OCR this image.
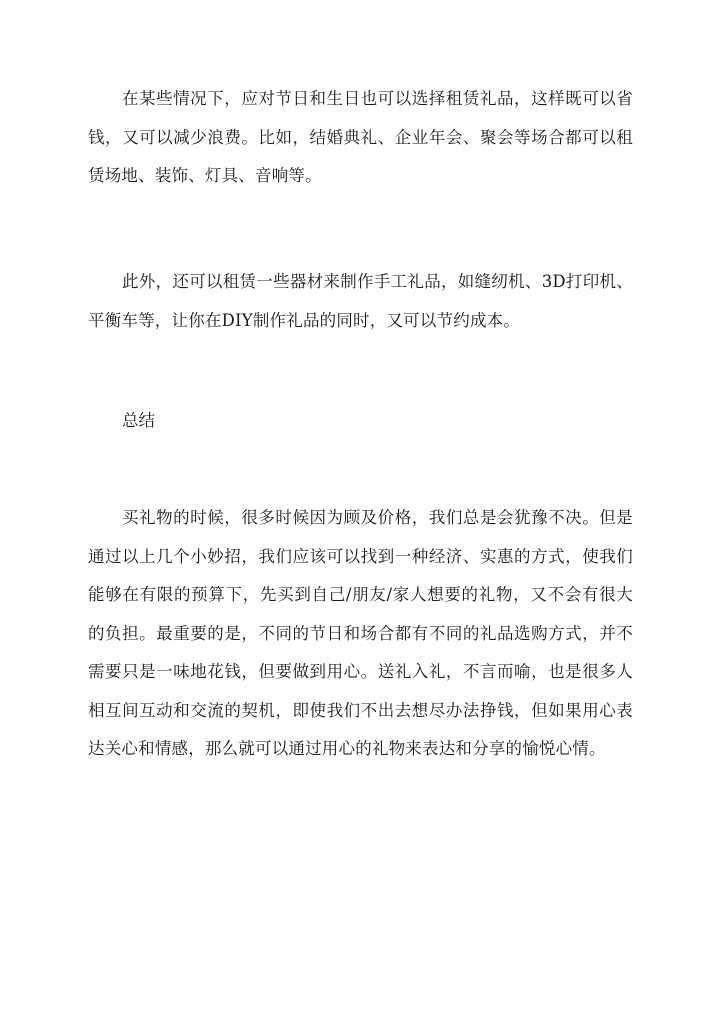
在某些情况下，应对节日和生日也可以选择租赁礼品，这样既可以省钱，又可以减少浪费。比如，结婚典礼、企业年会、聚会等场合都可以租赁场地、装饰、灯具、音响等。

此外，还可以租赁一些器材来制作手工礼品，如缝纫机、3D打印机、平衡车等，让你在DIY制作礼品的同时，又可以节约成本。

总结

买礼物的时候，很多时候因为顾及价格，我们总是会犹豫不决。但是通过以上几个小妙招，我们应该可以找到一种经济、实惠的方式，使我们能够在有限的预算下，先买到自己/朋友/家人想要的礼物，又不会有很大的负担。最重要的是，不同的节日和场合都有不同的礼品选购方式，并不需要只是一味地花钱，但要做到用心。送礼入礼，不言而喻，也是很多人相互间互动和交流的契机，即使我们不出去想尽办法挣钱，但如果用心表达关心和情感，那么就可以通过用心的礼物来表达和分享的愉悦心情。
